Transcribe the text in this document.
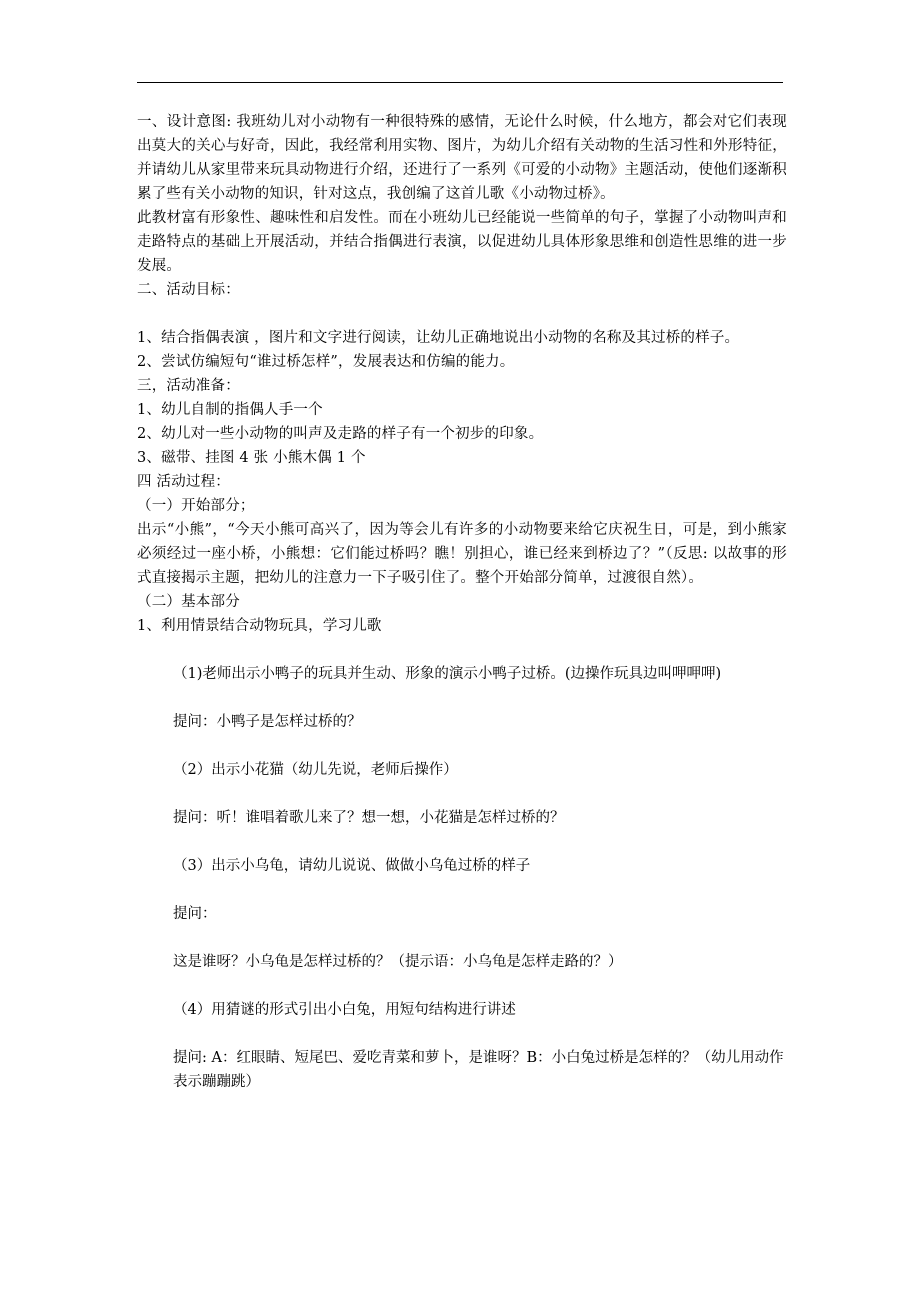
一、设计意图: 我班幼儿对小动物有一种很特殊的感情，无论什么时候，什么地方，都会对它们表现出莫大的关心与好奇，因此，我经常利用实物、图片，为幼儿介绍有关动物的生活习性和外形特征，并请幼儿从家里带来玩具动物进行介绍，还进行了一系列《可爱的小动物》主题活动，使他们逐渐积累了些有关小动物的知识，针对这点，我创编了这首儿歌《小动物过桥》。

此教材富有形象性、趣味性和启发性。而在小班幼儿已经能说一些简单的句子，掌握了小动物叫声和走路特点的基础上开展活动，并结合指偶进行表演，以促进幼儿具体形象思维和创造性思维的进一步发展。

二、活动目标：

1、结合指偶表演 ，图片和文字进行阅读，让幼儿正确地说出小动物的名称及其过桥的样子。

2、尝试仿编短句“谁过桥怎样”，发展表达和仿编的能力。

三，活动准备：

1、幼儿自制的指偶人手一个

2、幼儿对一些小动物的叫声及走路的样子有一个初步的印象。

3、磁带、挂图 4 张 小熊木偶 1 个

四 活动过程：

（一）开始部分；

出示“小熊”，“今天小熊可高兴了，因为等会儿有许多的小动物要来给它庆祝生日，可是，到小熊家必须经过一座小桥，小熊想：它们能过桥吗？瞧！别担心，谁已经来到桥边了？”（反思: 以故事的形式直接揭示主题，把幼儿的注意力一下子吸引住了。整个开始部分简单，过渡很自然）。

（二）基本部分

1、利用情景结合动物玩具，学习儿歌

（1)老师出示小鸭子的玩具并生动、形象的演示小鸭子过桥。(边操作玩具边叫呷呷呷)

提问：小鸭子是怎样过桥的？

（2）出示小花猫（幼儿先说，老师后操作）

提问：听！谁唱着歌儿来了？想一想，小花猫是怎样过桥的？

（3）出示小乌龟，请幼儿说说、做做小乌龟过桥的样子

提问：

这是谁呀？小乌龟是怎样过桥的？（提示语：小乌龟是怎样走路的？）

（4）用猜谜的形式引出小白兔，用短句结构进行讲述

提问: A：红眼睛、短尾巴、爱吃青菜和萝卜，是谁呀？B：小白兔过桥是怎样的？（幼儿用动作表示蹦蹦跳）
